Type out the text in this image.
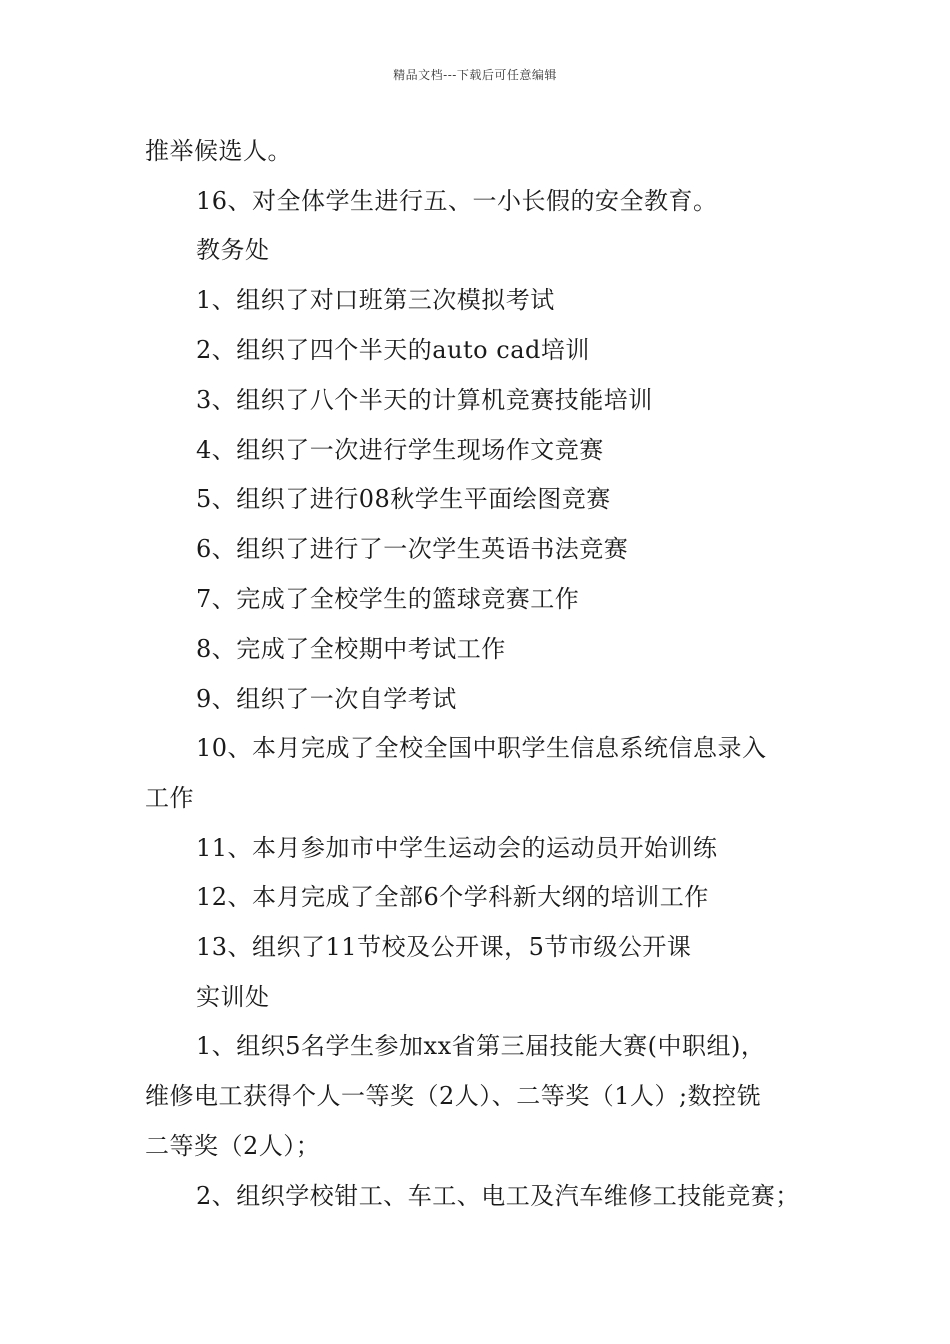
精品文档---下载后可任意编辑
推举候选人。
16、对全体学生进行五、一小长假的安全教育。
教务处
1、组织了对口班第三次模拟考试
2、组织了四个半天的auto cad培训
3、组织了八个半天的计算机竞赛技能培训
4、组织了一次进行学生现场作文竞赛
5、组织了进行08秋学生平面绘图竞赛
6、组织了进行了一次学生英语书法竞赛
7、完成了全校学生的篮球竞赛工作
8、完成了全校期中考试工作
9、组织了一次自学考试
10、本月完成了全校全国中职学生信息系统信息录入
工作
11、本月参加市中学生运动会的运动员开始训练
12、本月完成了全部6个学科新大纲的培训工作
13、组织了11节校及公开课，5节市级公开课
实训处
1、组织5名学生参加xx省第三届技能大赛(中职组)，
维修电工获得个人一等奖（2人）、二等奖（1人）;数控铣
二等奖（2人）；
2、组织学校钳工、车工、电工及汽车维修工技能竞赛；
